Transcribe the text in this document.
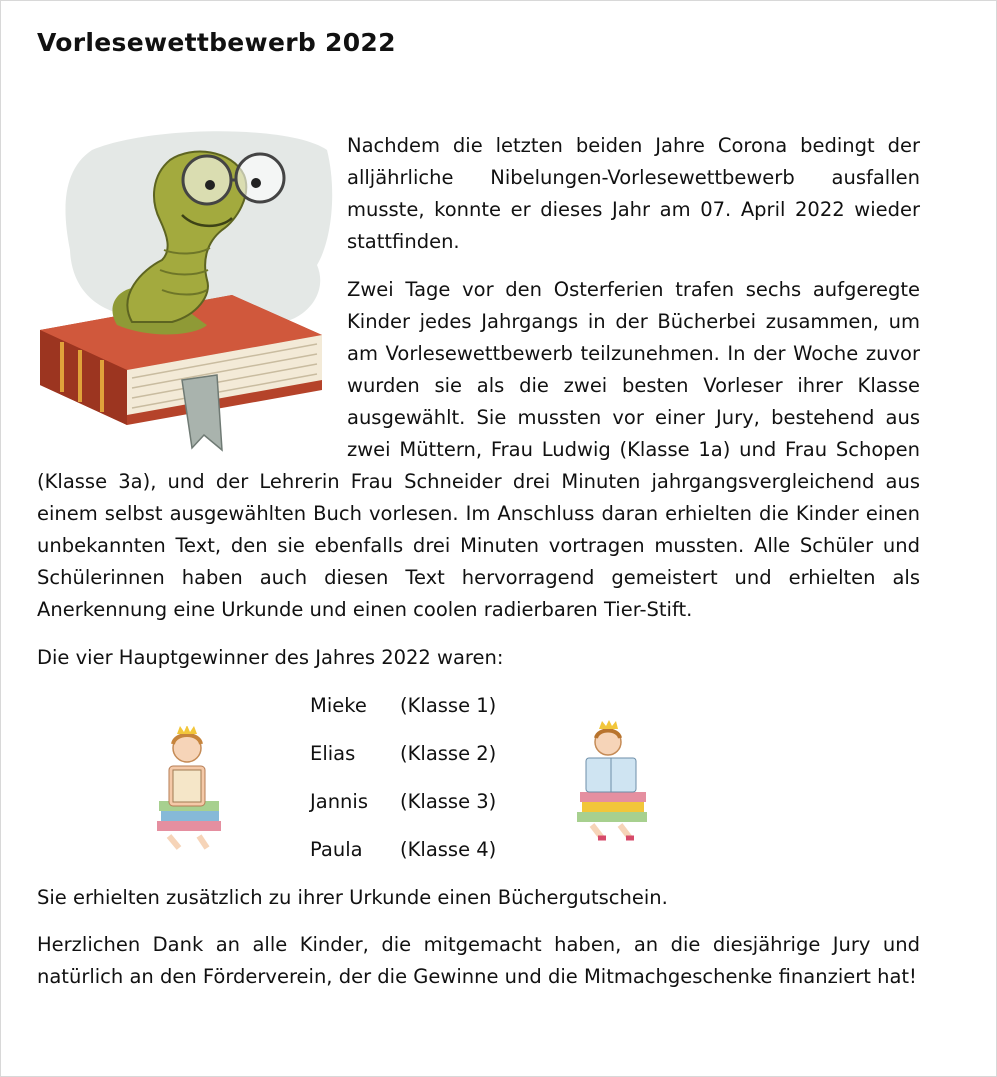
Vorlesewettbewerb 2022

Nachdem die letzten beiden Jahre Corona bedingt der alljährliche Nibelungen-Vorlesewettbewerb ausfallen musste, konnte er dieses Jahr am 07. April 2022 wieder stattfinden.

Zwei Tage vor den Osterferien trafen sechs aufgeregte Kinder jedes Jahrgangs in der Bücherbei zusammen, um am Vorlesewettbewerb teilzunehmen. In der Woche zuvor wurden sie als die zwei besten Vorleser ihrer Klasse ausgewählt. Sie mussten vor einer Jury, bestehend aus zwei Müttern, Frau Ludwig (Klasse 1a) und Frau Schopen (Klasse 3a), und der Lehrerin Frau Schneider drei Minuten jahrgangsvergleichend aus einem selbst ausgewählten Buch vorlesen. Im Anschluss daran erhielten die Kinder einen unbekannten Text, den sie ebenfalls drei Minuten vortragen mussten. Alle Schüler und Schülerinnen haben auch diesen Text hervorragend gemeistert und erhielten als Anerkennung eine Urkunde und einen coolen radierbaren Tier-Stift.

Die vier Hauptgewinner des Jahres 2022 waren:

Mieke (Klasse 1)
Elias (Klasse 2)
Jannis (Klasse 3)
Paula (Klasse 4)

Sie erhielten zusätzlich zu ihrer Urkunde einen Büchergutschein.

Herzlichen Dank an alle Kinder, die mitgemacht haben, an die diesjährige Jury und natürlich an den Förderverein, der die Gewinne und die Mitmachgeschenke finanziert hat!
